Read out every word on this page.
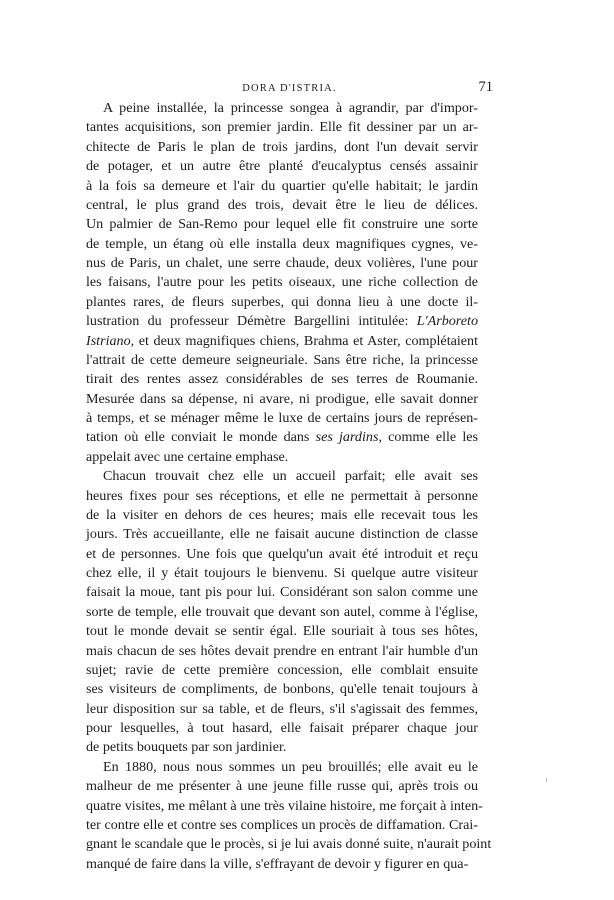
DORA D'ISTRIA.	71
A peine installée, la princesse songea à agrandir, par d'impor-
tantes acquisitions, son premier jardin. Elle fit dessiner par un ar-
chitecte de Paris le plan de trois jardins, dont l'un devait servir
de potager, et un autre être planté d'eucalyptus censés assainir
à la fois sa demeure et l'air du quartier qu'elle habitait; le jardin
central, le plus grand des trois, devait être le lieu de délices.
Un palmier de San-Remo pour lequel elle fit construire une sorte
de temple, un étang où elle installa deux magnifiques cygnes, ve-
nus de Paris, un chalet, une serre chaude, deux volières, l'une pour
les faisans, l'autre pour les petits oiseaux, une riche collection de
plantes rares, de fleurs superbes, qui donna lieu à une docte il-
lustration du professeur Démètre Bargellini intitulée: L'Arboreto
Istriano, et deux magnifiques chiens, Brahma et Aster, complétaient
l'attrait de cette demeure seigneuriale. Sans être riche, la princesse
tirait des rentes assez considérables de ses terres de Roumanie.
Mesurée dans sa dépense, ni avare, ni prodigue, elle savait donner
à temps, et se ménager même le luxe de certains jours de représen-
tation où elle conviait le monde dans ses jardins, comme elle les
appelait avec une certaine emphase.
Chacun trouvait chez elle un accueil parfait; elle avait ses
heures fixes pour ses réceptions, et elle ne permettait à personne
de la visiter en dehors de ces heures; mais elle recevait tous les
jours. Très accueillante, elle ne faisait aucune distinction de classe
et de personnes. Une fois que quelqu'un avait été introduit et reçu
chez elle, il y était toujours le bienvenu. Si quelque autre visiteur
faisait la moue, tant pis pour lui. Considérant son salon comme une
sorte de temple, elle trouvait que devant son autel, comme à l'église,
tout le monde devait se sentir égal. Elle souriait à tous ses hôtes,
mais chacun de ses hôtes devait prendre en entrant l'air humble d'un
sujet; ravie de cette première concession, elle comblait ensuite
ses visiteurs de compliments, de bonbons, qu'elle tenait toujours à
leur disposition sur sa table, et de fleurs, s'il s'agissait des femmes,
pour lesquelles, à tout hasard, elle faisait préparer chaque jour
de petits bouquets par son jardinier.
En 1880, nous nous sommes un peu brouillés; elle avait eu le
malheur de me présenter à une jeune fille russe qui, après trois ou
quatre visites, me mêlant à une très vilaine histoire, me forçait à inten-
ter contre elle et contre ses complices un procès de diffamation. Crai-
gnant le scandale que le procès, si je lui avais donné suite, n'aurait point
manqué de faire dans la ville, s'effrayant de devoir y figurer en qua-
